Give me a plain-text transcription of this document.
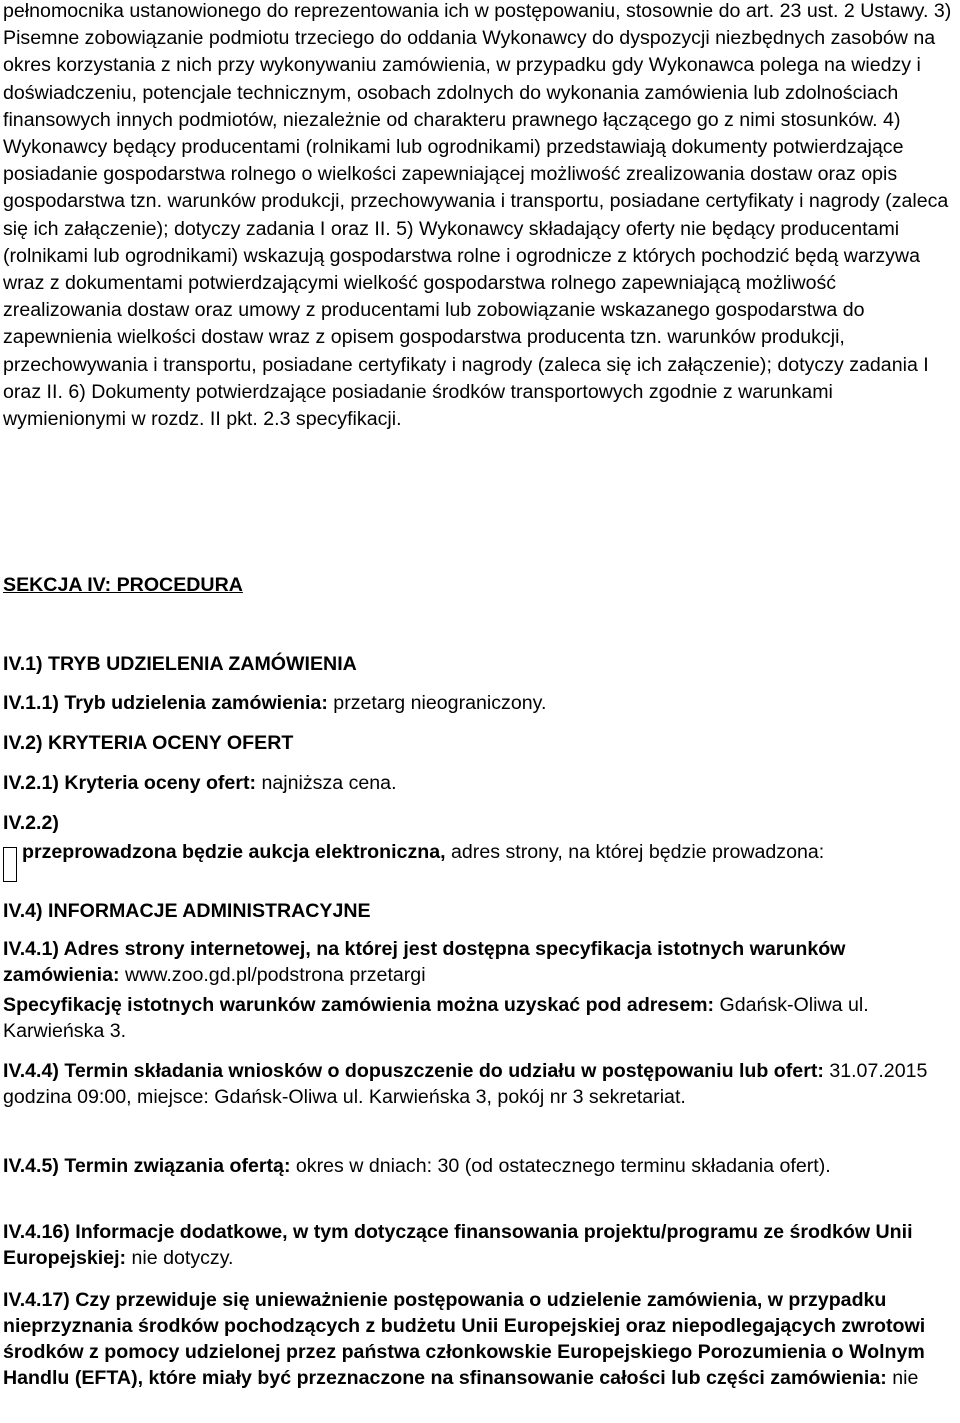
pełnomocnika ustanowionego do reprezentowania ich w postępowaniu, stosownie do art. 23 ust. 2 Ustawy. 3) Pisemne zobowiązanie podmiotu trzeciego do oddania Wykonawcy do dyspozycji niezbędnych zasobów na okres korzystania z nich przy wykonywaniu zamówienia, w przypadku gdy Wykonawca polega na wiedzy i doświadczeniu, potencjale technicznym, osobach zdolnych do wykonania zamówienia lub zdolnościach finansowych innych podmiotów, niezależnie od charakteru prawnego łączącego go z nimi stosunków. 4) Wykonawcy będący producentami (rolnikami lub ogrodnikami) przedstawiają dokumenty potwierdzające posiadanie gospodarstwa rolnego o wielkości zapewniającej możliwość zrealizowania dostaw oraz opis gospodarstwa tzn. warunków produkcji, przechowywania i transportu, posiadane certyfikaty i nagrody (zaleca się ich załączenie); dotyczy zadania I oraz II. 5) Wykonawcy składający oferty nie będący producentami (rolnikami lub ogrodnikami) wskazują gospodarstwa rolne i ogrodnicze z których pochodzić będą warzywa wraz z dokumentami potwierdzającymi wielkość gospodarstwa rolnego zapewniającą możliwość zrealizowania dostaw oraz umowy z producentami lub zobowiązanie wskazanego gospodarstwa do zapewnienia wielkości dostaw wraz z opisem gospodarstwa producenta tzn. warunków produkcji, przechowywania i transportu, posiadane certyfikaty i nagrody (zaleca się ich załączenie); dotyczy zadania I oraz II. 6) Dokumenty potwierdzające posiadanie środków transportowych zgodnie z warunkami wymienionymi w rozdz. II pkt. 2.3 specyfikacji.

SEKCJA IV: PROCEDURA

IV.1) TRYB UDZIELENIA ZAMÓWIENIA

IV.1.1) Tryb udzielenia zamówienia: przetarg nieograniczony.

IV.2) KRYTERIA OCENY OFERT

IV.2.1) Kryteria oceny ofert: najniższa cena.

IV.2.2)

przeprowadzona będzie aukcja elektroniczna, adres strony, na której będzie prowadzona:

IV.4) INFORMACJE ADMINISTRACYJNE

IV.4.1) Adres strony internetowej, na której jest dostępna specyfikacja istotnych warunków zamówienia: www.zoo.gd.pl/podstrona przetargi

Specyfikację istotnych warunków zamówienia można uzyskać pod adresem: Gdańsk-Oliwa ul. Karwieńska 3.

IV.4.4) Termin składania wniosków o dopuszczenie do udziału w postępowaniu lub ofert: 31.07.2015 godzina 09:00, miejsce: Gdańsk-Oliwa ul. Karwieńska 3, pokój nr 3 sekretariat.

IV.4.5) Termin związania ofertą: okres w dniach: 30 (od ostatecznego terminu składania ofert).

IV.4.16) Informacje dodatkowe, w tym dotyczące finansowania projektu/programu ze środków Unii Europejskiej: nie dotyczy.

IV.4.17) Czy przewiduje się unieważnienie postępowania o udzielenie zamówienia, w przypadku nieprzyznania środków pochodzących z budżetu Unii Europejskiej oraz niepodlegających zwrotowi środków z pomocy udzielonej przez państwa członkowskie Europejskiego Porozumienia o Wolnym Handlu (EFTA), które miały być przeznaczone na sfinansowanie całości lub części zamówienia: nie
